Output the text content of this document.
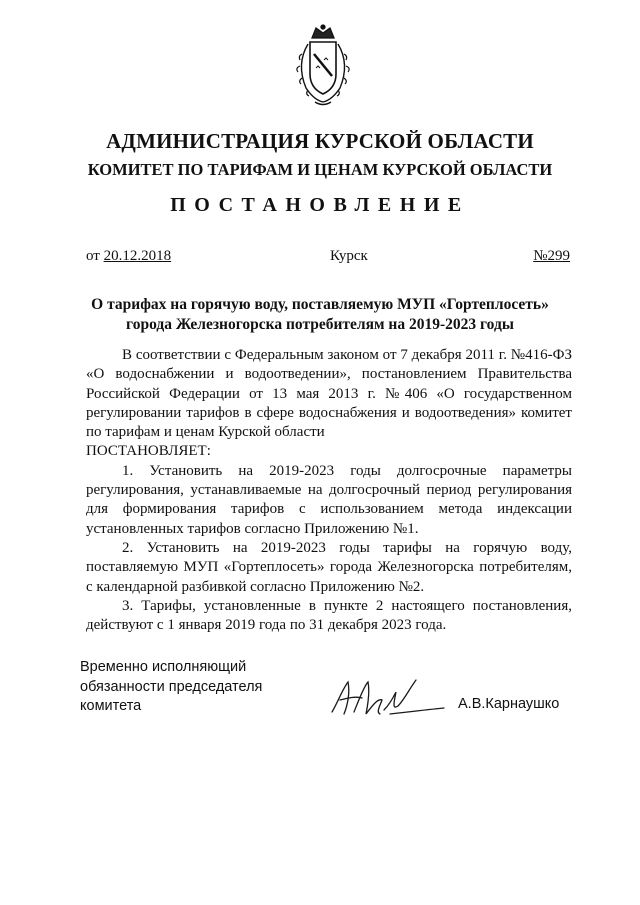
АДМИНИСТРАЦИЯ КУРСКОЙ ОБЛАСТИ
КОМИТЕТ ПО ТАРИФАМ И ЦЕНАМ КУРСКОЙ ОБЛАСТИ
ПОСТАНОВЛЕНИЕ
от 20.12.2018	Курск	№299
О тарифах на горячую воду, поставляемую МУП «Гортеплосеть»
города Железногорска потребителям на 2019-2023 годы

В соответствии с Федеральным законом от 7 декабря 2011 г. №416-ФЗ «О водоснабжении и водоотведении», постановлением Правительства Российской Федерации от 13 мая 2013 г. №406 «О государственном регулировании тарифов в сфере водоснабжения и водоотведения» комитет по тарифам и ценам Курской области

ПОСТАНОВЛЯЕТ:

1. Установить на 2019-2023 годы долгосрочные параметры регулирования, устанавливаемые на долгосрочный период регулирования для формирования тарифов с использованием метода индексации установленных тарифов согласно Приложению №1.

2. Установить на 2019-2023 годы тарифы на горячую воду, поставляемую МУП «Гортеплосеть» города Железногорска потребителям, с календарной разбивкой согласно Приложению №2.

3. Тарифы, установленные в пункте 2 настоящего постановления, действуют с 1 января 2019 года по 31 декабря 2023 года.

Временно исполняющий
обязанности председателя
комитета	А.В.Карнаушко
